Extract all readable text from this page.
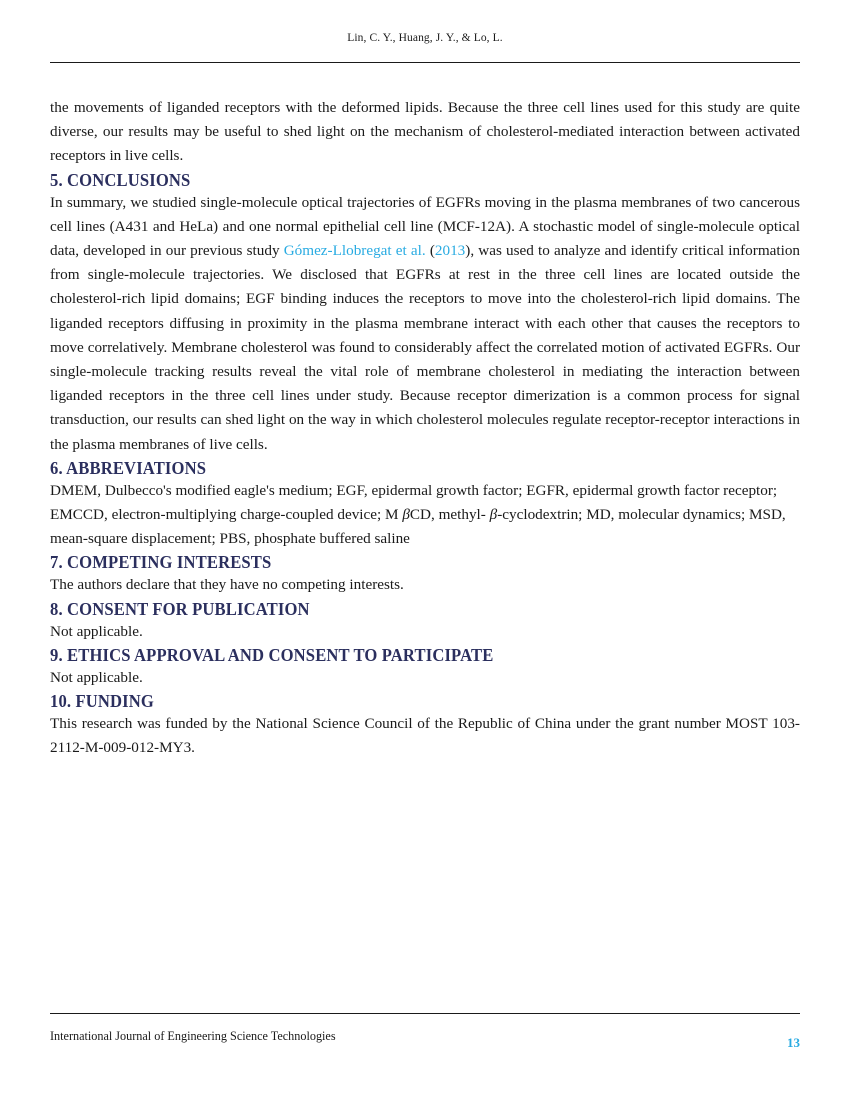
Lin, C. Y., Huang, J. Y., & Lo, L.

the movements of liganded receptors with the deformed lipids. Because the three cell lines used for this study are quite diverse, our results may be useful to shed light on the mechanism of cholesterol-mediated interaction between activated receptors in live cells.

5. CONCLUSIONS

In summary, we studied single-molecule optical trajectories of EGFRs moving in the plasma membranes of two cancerous cell lines (A431 and HeLa) and one normal epithelial cell line (MCF-12A). A stochastic model of single-molecule optical data, developed in our previous study Gómez-Llobregat et al. (2013), was used to analyze and identify critical information from single-molecule trajectories. We disclosed that EGFRs at rest in the three cell lines are located outside the cholesterol-rich lipid domains; EGF binding induces the receptors to move into the cholesterol-rich lipid domains. The liganded receptors diffusing in proximity in the plasma membrane interact with each other that causes the receptors to move correlatively. Membrane cholesterol was found to considerably affect the correlated motion of activated EGFRs. Our single-molecule tracking results reveal the vital role of membrane cholesterol in mediating the interaction between liganded receptors in the three cell lines under study. Because receptor dimerization is a common process for signal transduction, our results can shed light on the way in which cholesterol molecules regulate receptor-receptor interactions in the plasma membranes of live cells.

6. ABBREVIATIONS

DMEM, Dulbecco's modified eagle's medium; EGF, epidermal growth factor; EGFR, epidermal growth factor receptor; EMCCD, electron-multiplying charge-coupled device; M βCD, methyl- β-cyclodextrin; MD, molecular dynamics; MSD, mean-square displacement; PBS, phosphate buffered saline

7. COMPETING INTERESTS

The authors declare that they have no competing interests.

8. CONSENT FOR PUBLICATION

Not applicable.

9. ETHICS APPROVAL AND CONSENT TO PARTICIPATE

Not applicable.

10. FUNDING

This research was funded by the National Science Council of the Republic of China under the grant number MOST 103-2112-M-009-012-MY3.

International Journal of Engineering Science Technologies	13
